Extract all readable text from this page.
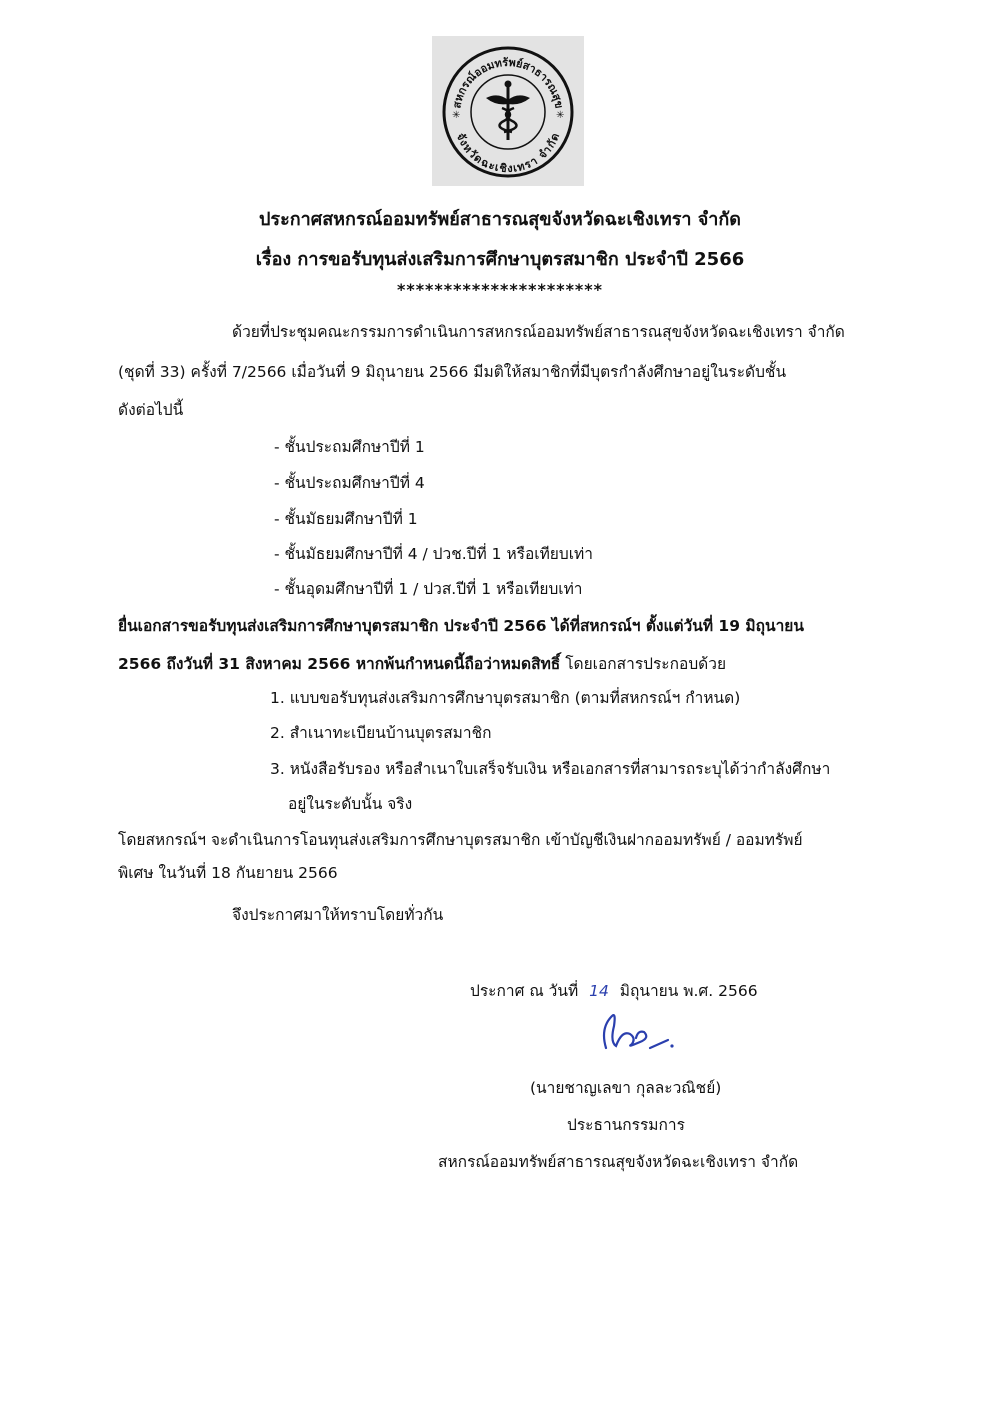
สหกรณ์ออมทรัพย์สาธารณสุข
จังหวัดฉะเชิงเทรา จำกัด
✳	✳
ประกาศสหกรณ์ออมทรัพย์สาธารณสุขจังหวัดฉะเชิงเทรา จำกัด
เรื่อง การขอรับทุนส่งเสริมการศึกษาบุตรสมาชิก ประจำปี 2566
**********************
ด้วยที่ประชุมคณะกรรมการดำเนินการสหกรณ์ออมทรัพย์สาธารณสุขจังหวัดฉะเชิงเทรา จำกัด
(ชุดที่ 33) ครั้งที่ 7/2566 เมื่อวันที่ 9 มิถุนายน 2566 มีมติให้สมาชิกที่มีบุตรกำลังศึกษาอยู่ในระดับชั้น
ดังต่อไปนี้
- ชั้นประถมศึกษาปีที่ 1
- ชั้นประถมศึกษาปีที่ 4
- ชั้นมัธยมศึกษาปีที่ 1
- ชั้นมัธยมศึกษาปีที่ 4 / ปวช.ปีที่ 1 หรือเทียบเท่า
- ชั้นอุดมศึกษาปีที่ 1 / ปวส.ปีที่ 1 หรือเทียบเท่า
ยื่นเอกสารขอรับทุนส่งเสริมการศึกษาบุตรสมาชิก ประจำปี 2566 ได้ที่สหกรณ์ฯ ตั้งแต่วันที่ 19 มิถุนายน
2566 ถึงวันที่ 31 สิงหาคม 2566 หากพ้นกำหนดนี้ถือว่าหมดสิทธิ์ โดยเอกสารประกอบด้วย
1. แบบขอรับทุนส่งเสริมการศึกษาบุตรสมาชิก (ตามที่สหกรณ์ฯ กำหนด)
2. สำเนาทะเบียนบ้านบุตรสมาชิก
3. หนังสือรับรอง หรือสำเนาใบเสร็จรับเงิน หรือเอกสารที่สามารถระบุได้ว่ากำลังศึกษา
อยู่ในระดับนั้น จริง
โดยสหกรณ์ฯ จะดำเนินการโอนทุนส่งเสริมการศึกษาบุตรสมาชิก เข้าบัญชีเงินฝากออมทรัพย์ / ออมทรัพย์
พิเศษ ในวันที่ 18 กันยายน 2566
จึงประกาศมาให้ทราบโดยทั่วกัน
ประกาศ ณ วันที่ 14 มิถุนายน พ.ศ. 2566
(นายชาญเลขา กุลละวณิชย์)
ประธานกรรมการ
สหกรณ์ออมทรัพย์สาธารณสุขจังหวัดฉะเชิงเทรา จำกัด
